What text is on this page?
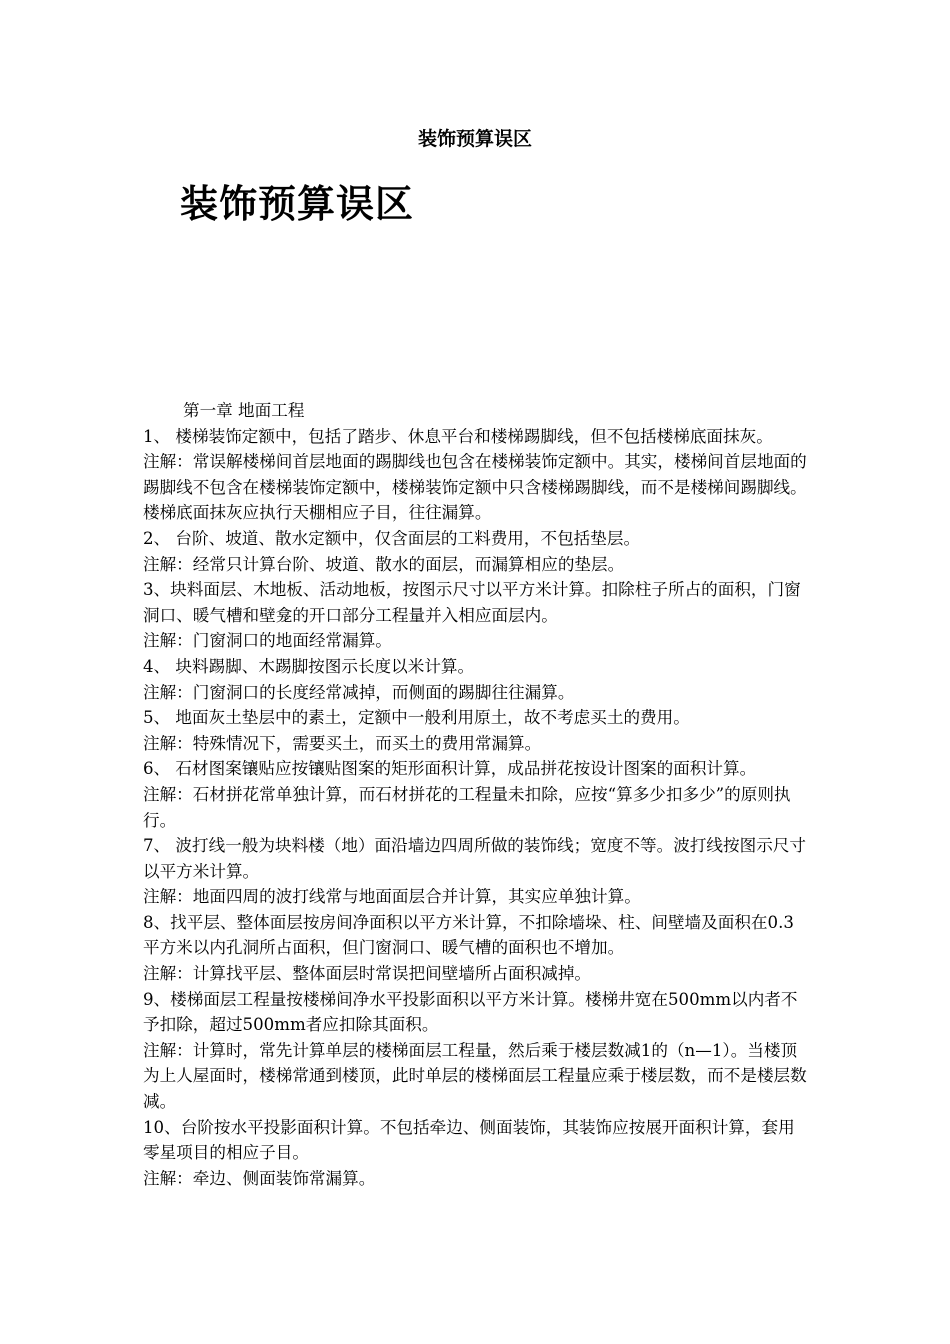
装饰预算误区
装饰预算误区

第一章 地面工程

1、 楼梯装饰定额中，包括了踏步、休息平台和楼梯踢脚线，但不包括楼梯底面抹灰。

注解：常误解楼梯间首层地面的踢脚线也包含在楼梯装饰定额中。其实，楼梯间首层地面的踢脚线不包含在楼梯装饰定额中，楼梯装饰定额中只含楼梯踢脚线，而不是楼梯间踢脚线。楼梯底面抹灰应执行天棚相应子目，往往漏算。

2、 台阶、坡道、散水定额中，仅含面层的工料费用，不包括垫层。

注解：经常只计算台阶、坡道、散水的面层，而漏算相应的垫层。

3、块料面层、木地板、活动地板，按图示尺寸以平方米计算。扣除柱子所占的面积，门窗洞口、暖气槽和壁龛的开口部分工程量并入相应面层内。

注解：门窗洞口的地面经常漏算。

4、 块料踢脚、木踢脚按图示长度以米计算。

注解：门窗洞口的长度经常减掉，而侧面的踢脚往往漏算。

5、 地面灰土垫层中的素土，定额中一般利用原土，故不考虑买土的费用。

注解：特殊情况下，需要买土，而买土的费用常漏算。

6、 石材图案镶贴应按镶贴图案的矩形面积计算，成品拼花按设计图案的面积计算。

注解：石材拼花常单独计算，而石材拼花的工程量未扣除，应按“算多少扣多少”的原则执行。

7、 波打线一般为块料楼（地）面沿墙边四周所做的装饰线；宽度不等。波打线按图示尺寸以平方米计算。

注解：地面四周的波打线常与地面面层合并计算，其实应单独计算。

8、找平层、整体面层按房间净面积以平方米计算，不扣除墙垛、柱、间壁墙及面积在0.3平方米以内孔洞所占面积，但门窗洞口、暖气槽的面积也不增加。

注解：计算找平层、整体面层时常误把间壁墙所占面积减掉。

9、楼梯面层工程量按楼梯间净水平投影面积以平方米计算。楼梯井宽在500mm以内者不予扣除，超过500mm者应扣除其面积。

注解：计算时，常先计算单层的楼梯面层工程量，然后乘于楼层数减1的（n—1）。当楼顶为上人屋面时，楼梯常通到楼顶，此时单层的楼梯面层工程量应乘于楼层数，而不是楼层数减。

10、台阶按水平投影面积计算。不包括牵边、侧面装饰，其装饰应按展开面积计算，套用零星项目的相应子目。

注解：牵边、侧面装饰常漏算。
